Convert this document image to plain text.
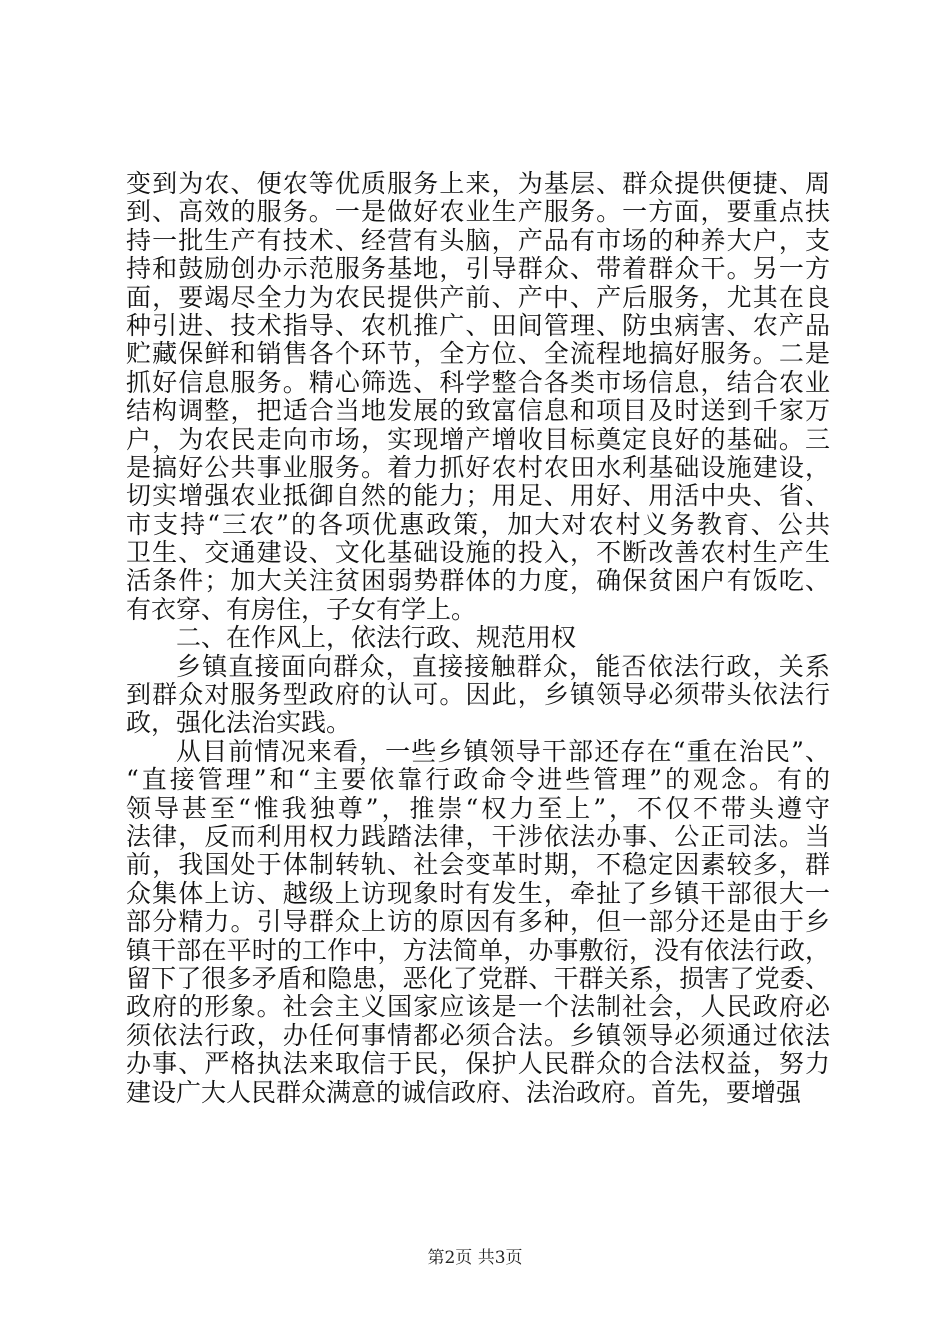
变到为农、便农等优质服务上来，为基层、群众提供便捷、周
到、高效的服务。一是做好农业生产服务。一方面，要重点扶
持一批生产有技术、经营有头脑，产品有市场的种养大户，支
持和鼓励创办示范服务基地，引导群众、带着群众干。另一方
面，要竭尽全力为农民提供产前、产中、产后服务，尤其在良
种引进、技术指导、农机推广、田间管理、防虫病害、农产品
贮藏保鲜和销售各个环节，全方位、全流程地搞好服务。二是
抓好信息服务。精心筛选、科学整合各类市场信息，结合农业
结构调整，把适合当地发展的致富信息和项目及时送到千家万
户，为农民走向市场，实现增产增收目标奠定良好的基础。三
是搞好公共事业服务。着力抓好农村农田水利基础设施建设，
切实增强农业抵御自然的能力；用足、用好、用活中央、省、
市支持“三农”的各项优惠政策，加大对农村义务教育、公共
卫生、交通建设、文化基础设施的投入，不断改善农村生产生
活条件；加大关注贫困弱势群体的力度，确保贫困户有饭吃、
有衣穿、有房住，子女有学上。
二、在作风上，依法行政、规范用权
乡镇直接面向群众，直接接触群众，能否依法行政，关系
到群众对服务型政府的认可。因此，乡镇领导必须带头依法行
政，强化法治实践。
从目前情况来看，一些乡镇领导干部还存在“重在治民”、
“直接管理”和“主要依靠行政命令进些管理”的观念。有的
领导甚至“惟我独尊”，推崇“权力至上”，不仅不带头遵守
法律，反而利用权力践踏法律，干涉依法办事、公正司法。当
前，我国处于体制转轨、社会变革时期，不稳定因素较多，群
众集体上访、越级上访现象时有发生，牵扯了乡镇干部很大一
部分精力。引导群众上访的原因有多种，但一部分还是由于乡
镇干部在平时的工作中，方法简单，办事敷衍，没有依法行政，
留下了很多矛盾和隐患，恶化了党群、干群关系，损害了党委、
政府的形象。社会主义国家应该是一个法制社会，人民政府必
须依法行政，办任何事情都必须合法。乡镇领导必须通过依法
办事、严格执法来取信于民，保护人民群众的合法权益，努力
建设广大人民群众满意的诚信政府、法治政府。首先，要增强
第2页 共3页
